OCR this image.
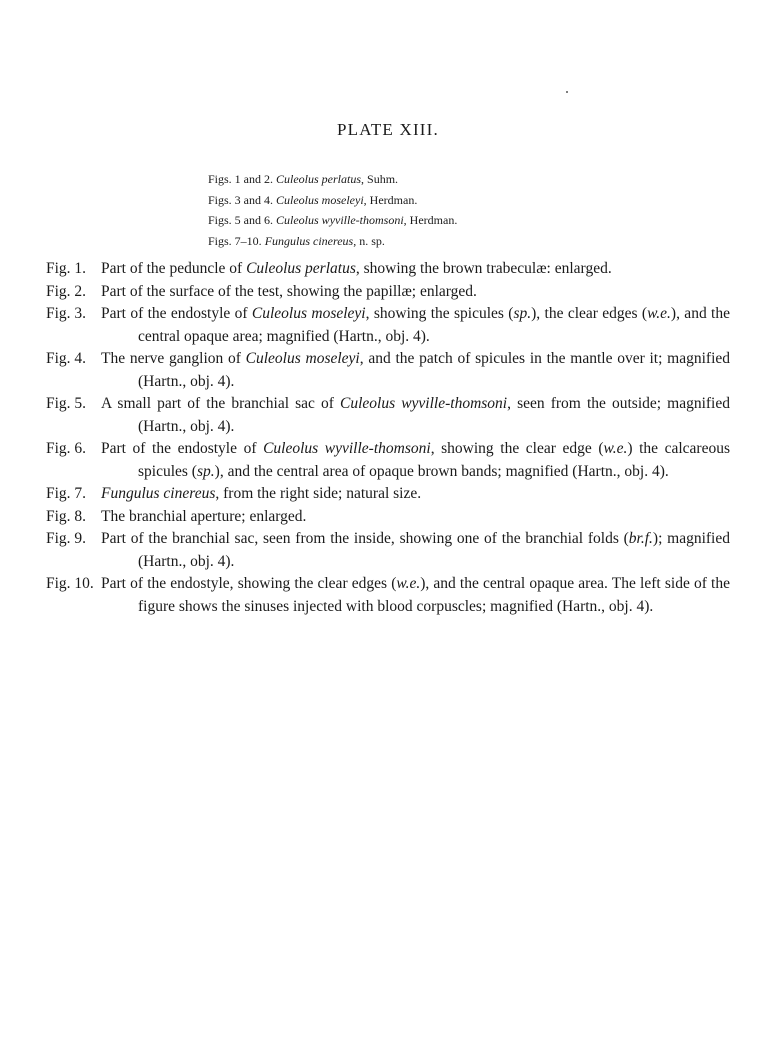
PLATE XIII.
Figs. 1 and 2. Culeolus perlatus, Suhm.
Figs. 3 and 4. Culeolus moseleyi, Herdman.
Figs. 5 and 6. Culeolus wyville-thomsoni, Herdman.
Figs. 7–10. Fungulus cinereus, n. sp.
Fig. 1. Part of the peduncle of Culeolus perlatus, showing the brown trabeculæ: enlarged.
Fig. 2. Part of the surface of the test, showing the papillæ; enlarged.
Fig. 3. Part of the endostyle of Culeolus moseleyi, showing the spicules (sp.), the clear edges (w.e.), and the central opaque area; magnified (Hartn., obj. 4).
Fig. 4. The nerve ganglion of Culeolus moseleyi, and the patch of spicules in the mantle over it; magnified (Hartn., obj. 4).
Fig. 5. A small part of the branchial sac of Culeolus wyville-thomsoni, seen from the outside; magnified (Hartn., obj. 4).
Fig. 6. Part of the endostyle of Culeolus wyville-thomsoni, showing the clear edge (w.e.) the calcareous spicules (sp.), and the central area of opaque brown bands; magnified (Hartn., obj. 4).
Fig. 7. Fungulus cinereus, from the right side; natural size.
Fig. 8. The branchial aperture; enlarged.
Fig. 9. Part of the branchial sac, seen from the inside, showing one of the branchial folds (br.f.); magnified (Hartn., obj. 4).
Fig. 10. Part of the endostyle, showing the clear edges (w.e.), and the central opaque area. The left side of the figure shows the sinuses injected with blood corpuscles; magnified (Hartn., obj. 4).
